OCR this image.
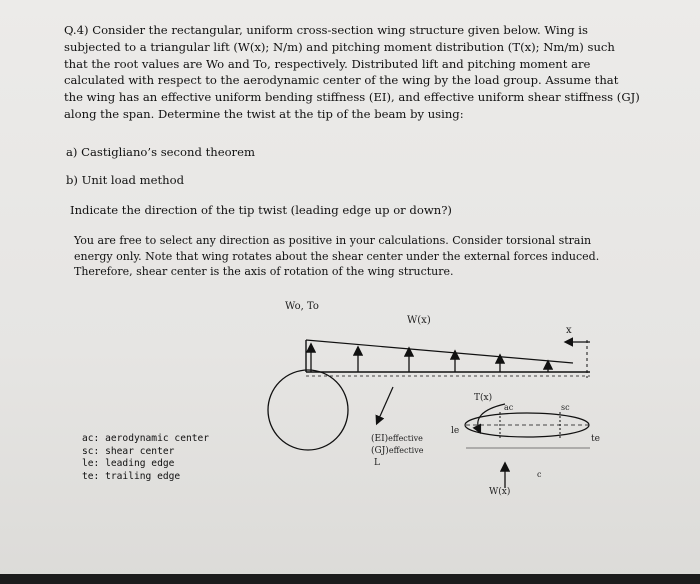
Q.4) Consider the rectangular, uniform cross-section wing structure given below. Wing is subjected to a triangular lift (W(x); N/m) and pitching moment distribution (T(x); Nm/m) such that the root values are Wo and To, respectively. Distributed lift and pitching moment are calculated with respect to the aerodynamic center of the wing by the load group. Assume that the wing has an effective uniform bending stiffness (EI), and effective uniform shear stiffness (GJ) along the span. Determine the twist at the tip of the beam by using:
a) Castigliano’s second theorem
b) Unit load method
Indicate the direction of the tip twist (leading edge up or down?)
You are free to select any direction as positive in your calculations. Consider torsional strain energy only. Note that wing rotates about the shear center under the external forces induced. Therefore, shear center is the axis of rotation of the wing structure.
Wo, To
W(x)
x
T(x)
ac	sc
le
te
c
W(x)
(EI)effective
(GJ)effective
L
ac: aerodynamic center
sc: shear center
le: leading edge
te: trailing edge
